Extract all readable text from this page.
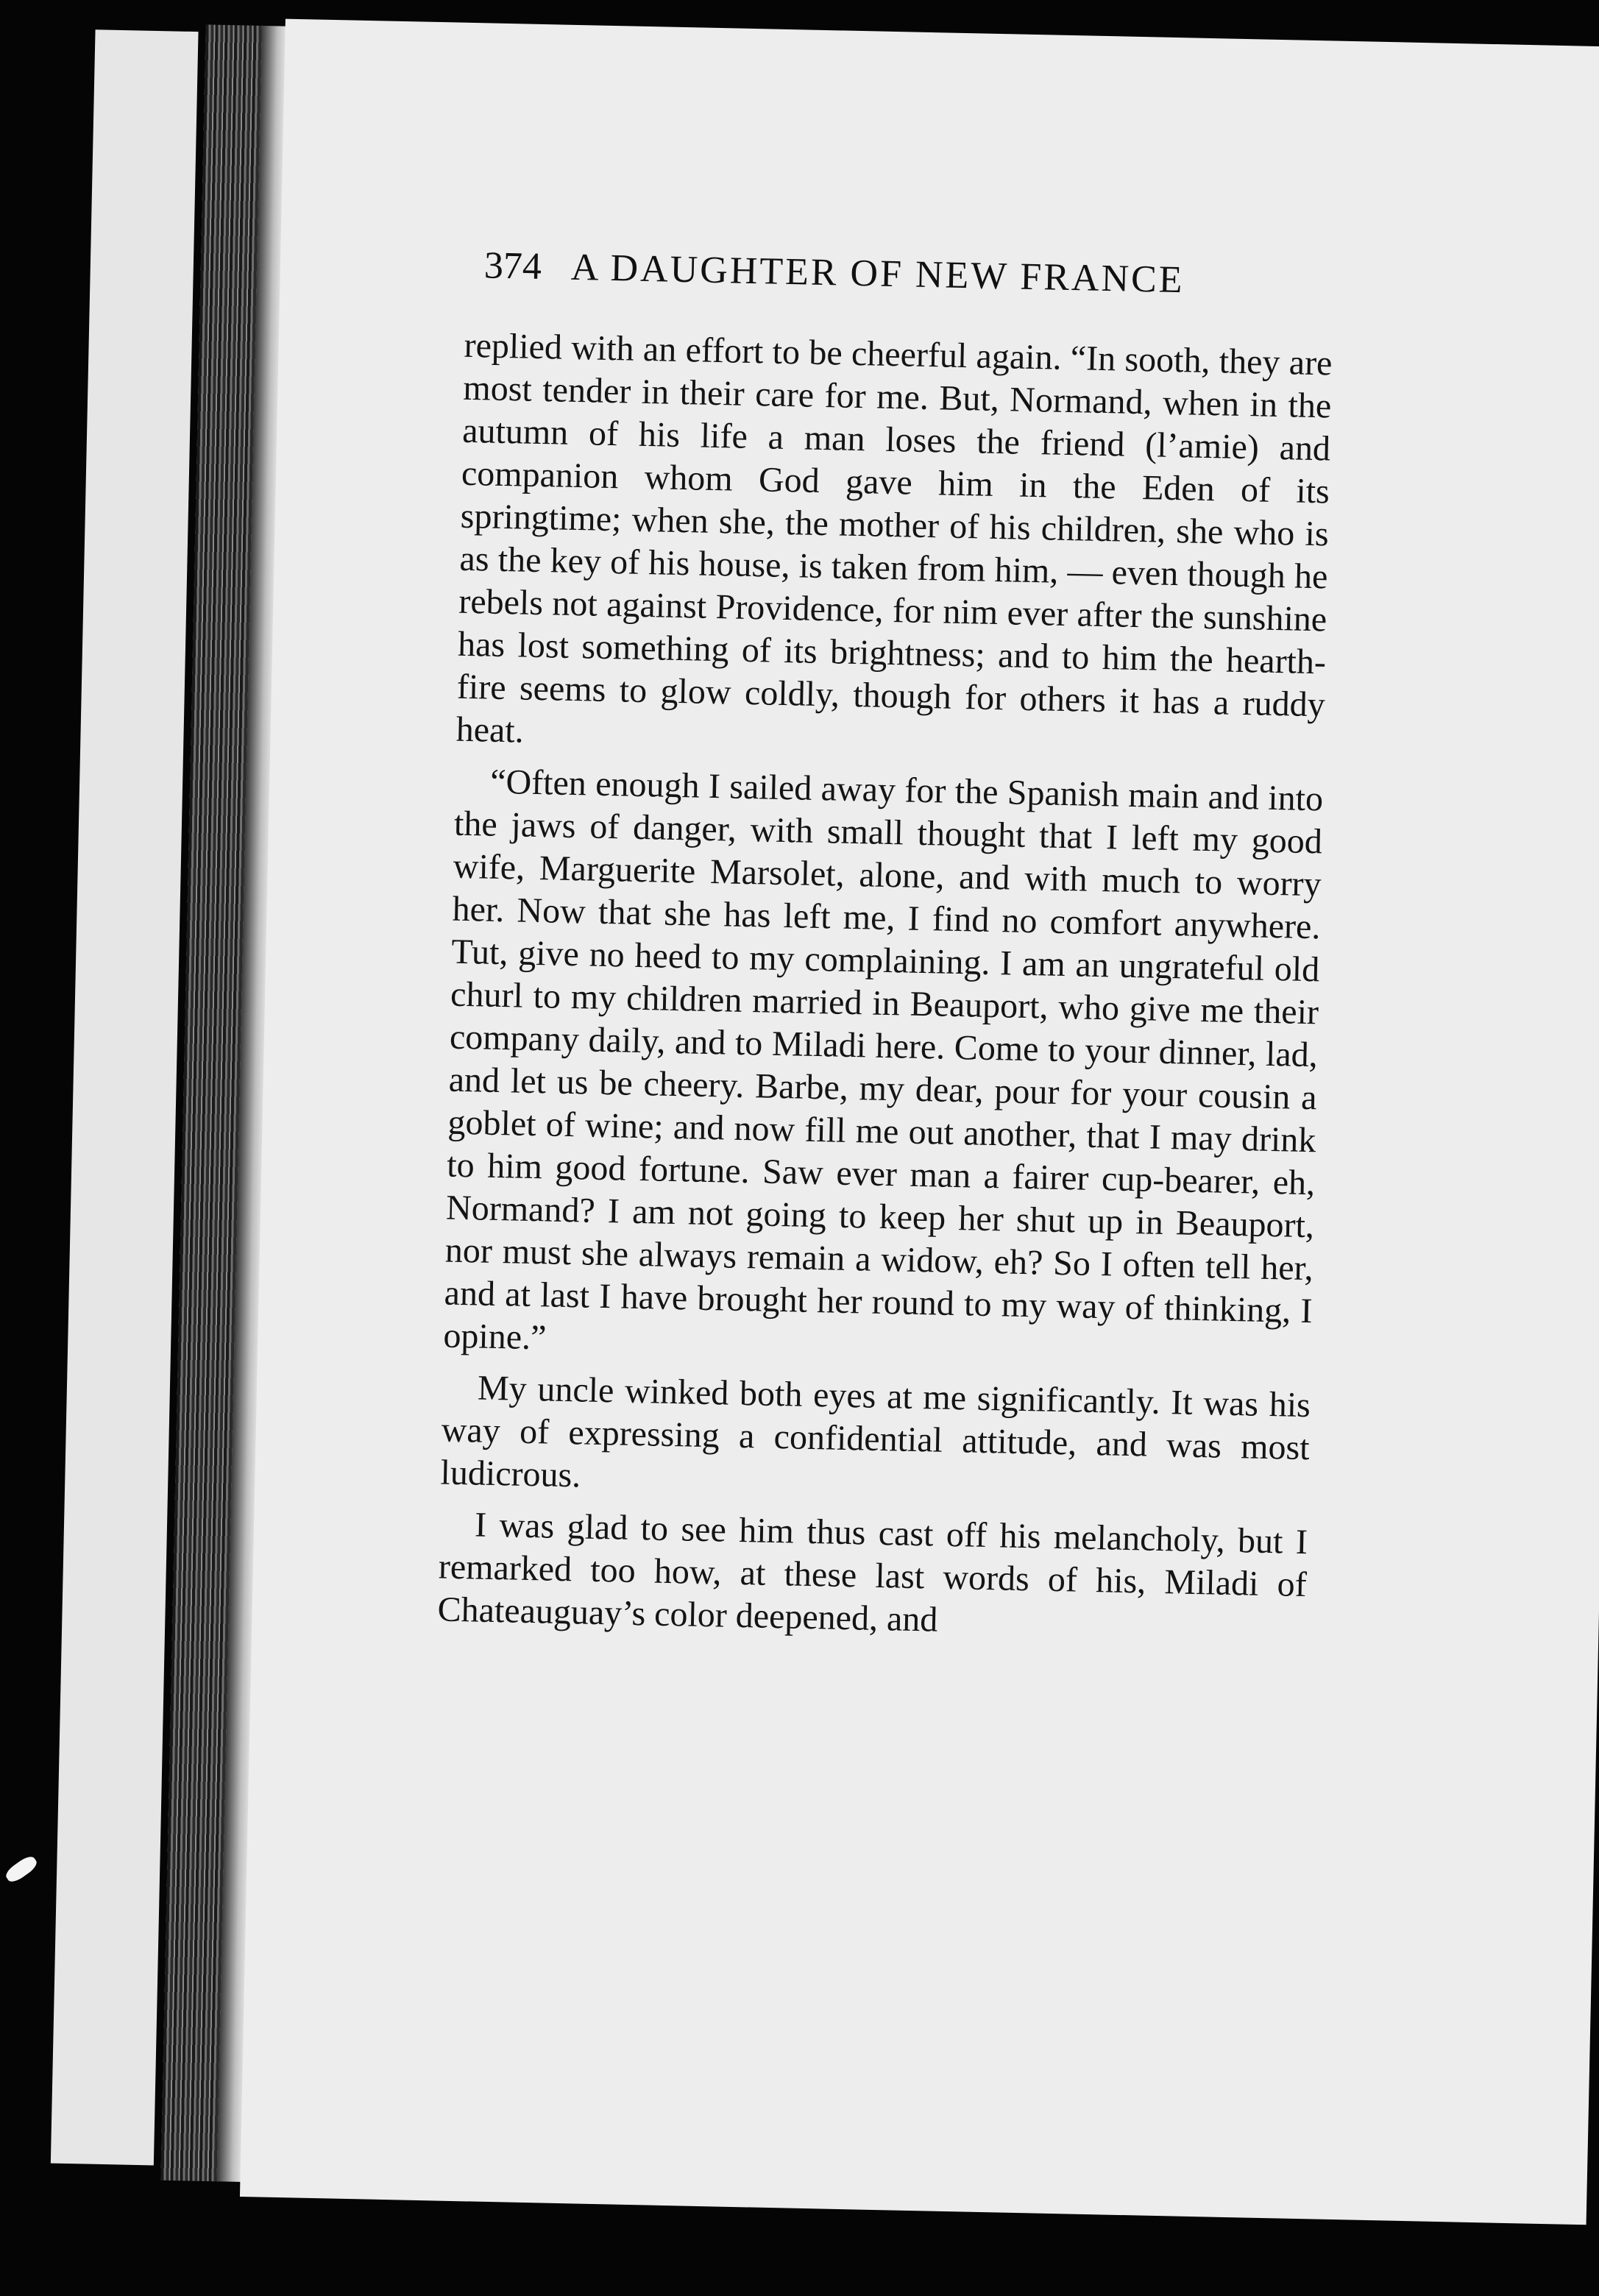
374 A DAUGHTER OF NEW FRANCE

replied with an effort to be cheerful again. “In sooth, they are most tender in their care for me. But, Normand, when in the autumn of his life a man loses the friend (l’amie) and companion whom God gave him in the Eden of its springtime; when she, the mother of his children, she who is as the key of his house, is taken from him, — even though he rebels not against Providence, for nim ever after the sunshine has lost something of its brightness; and to him the hearth-fire seems to glow coldly, though for others it has a ruddy heat.

“Often enough I sailed away for the Spanish main and into the jaws of danger, with small thought that I left my good wife, Marguerite Marsolet, alone, and with much to worry her. Now that she has left me, I find no comfort anywhere. Tut, give no heed to my complaining. I am an ungrateful old churl to my children married in Beauport, who give me their company daily, and to Miladi here. Come to your dinner, lad, and let us be cheery. Barbe, my dear, pour for your cousin a goblet of wine; and now fill me out another, that I may drink to him good fortune. Saw ever man a fairer cup-bearer, eh, Normand? I am not going to keep her shut up in Beauport, nor must she always remain a widow, eh? So I often tell her, and at last I have brought her round to my way of thinking, I opine.”

My uncle winked both eyes at me significantly. It was his way of expressing a confidential attitude, and was most ludicrous.

I was glad to see him thus cast off his melancholy, but I remarked too how, at these last words of his, Miladi of Chateauguay’s color deepened, and
